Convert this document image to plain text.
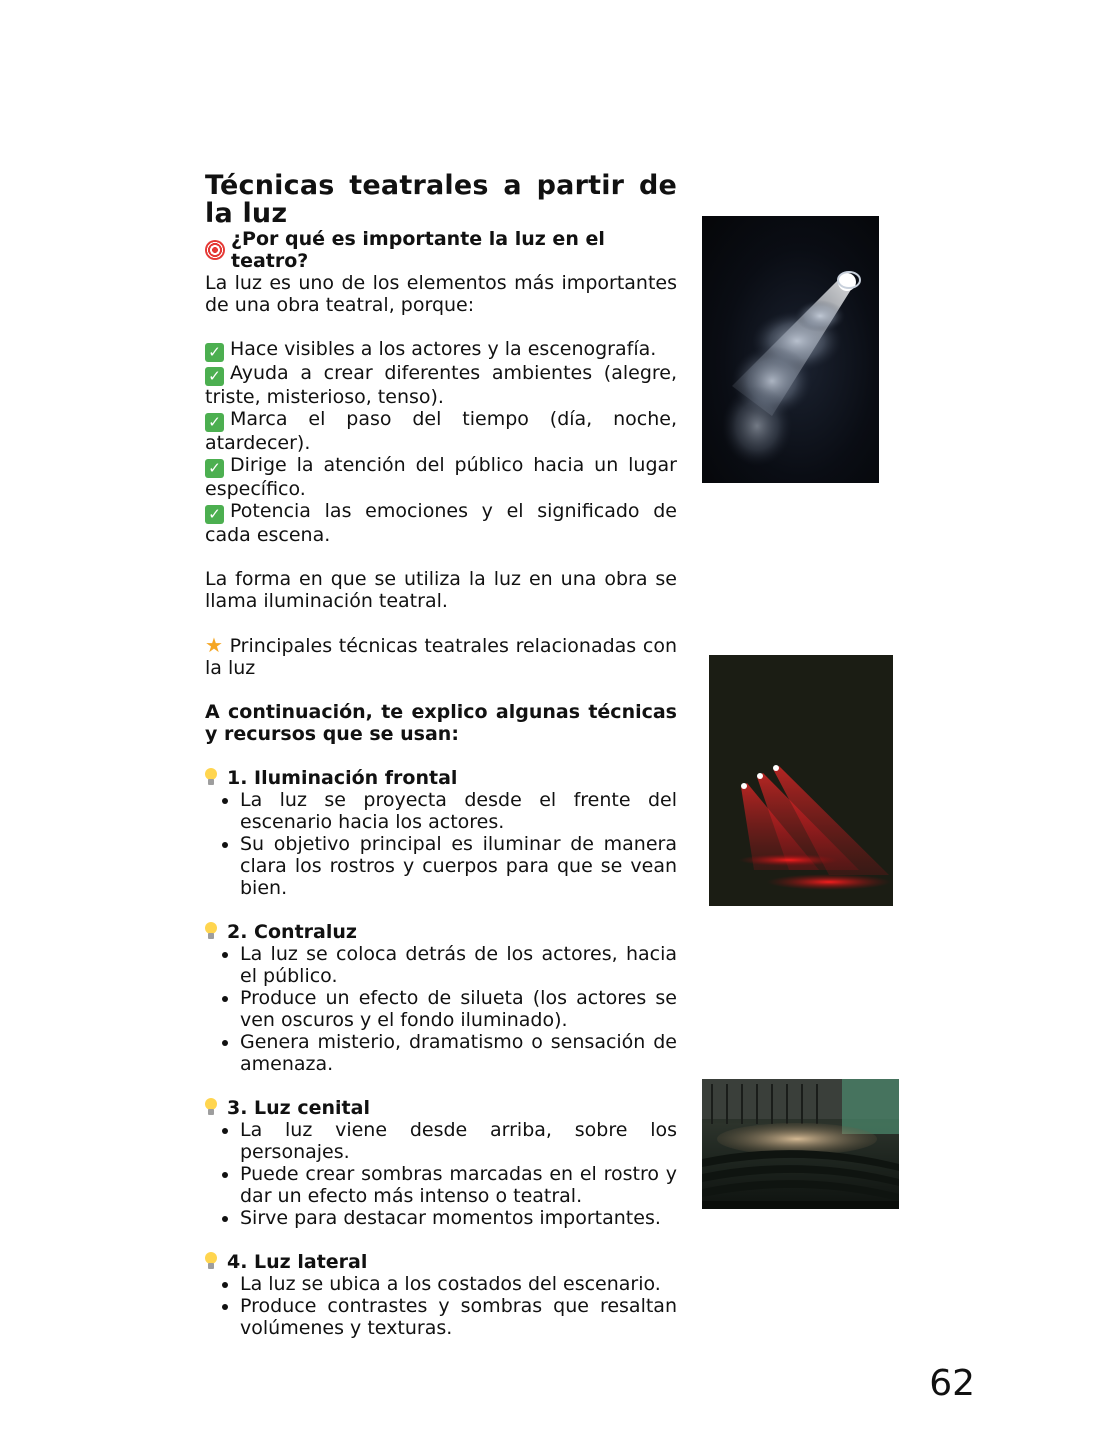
Técnicas teatrales a partir de la luz
¿Por qué es importante la luz en el teatro?

La luz es uno de los elementos más importantes de una obra teatral, porque:

✓ Hace visibles a los actores y la escenografía.
✓ Ayuda a crear diferentes ambientes (alegre, triste, misterioso, tenso).
✓ Marca el paso del tiempo (día, noche, atardecer).
✓ Dirige la atención del público hacia un lugar específico.
✓ Potencia las emociones y el significado de cada escena.

La forma en que se utiliza la luz en una obra se llama iluminación teatral.

★ Principales técnicas teatrales relacionadas con la luz

A continuación, te explico algunas técnicas y recursos que se usan:

1. Iluminación frontal
• La luz se proyecta desde el frente del escenario hacia los actores.
• Su objetivo principal es iluminar de manera clara los rostros y cuerpos para que se vean bien.
2. Contraluz
• La luz se coloca detrás de los actores, hacia el público.
• Produce un efecto de silueta (los actores se ven oscuros y el fondo iluminado).
• Genera misterio, dramatismo o sensación de amenaza.
3. Luz cenital
• La luz viene desde arriba, sobre los personajes.
• Puede crear sombras marcadas en el rostro y dar un efecto más intenso o teatral.
• Sirve para destacar momentos importantes.
4. Luz lateral
• La luz se ubica a los costados del escenario.
• Produce contrastes y sombras que resaltan volúmenes y texturas.
62
